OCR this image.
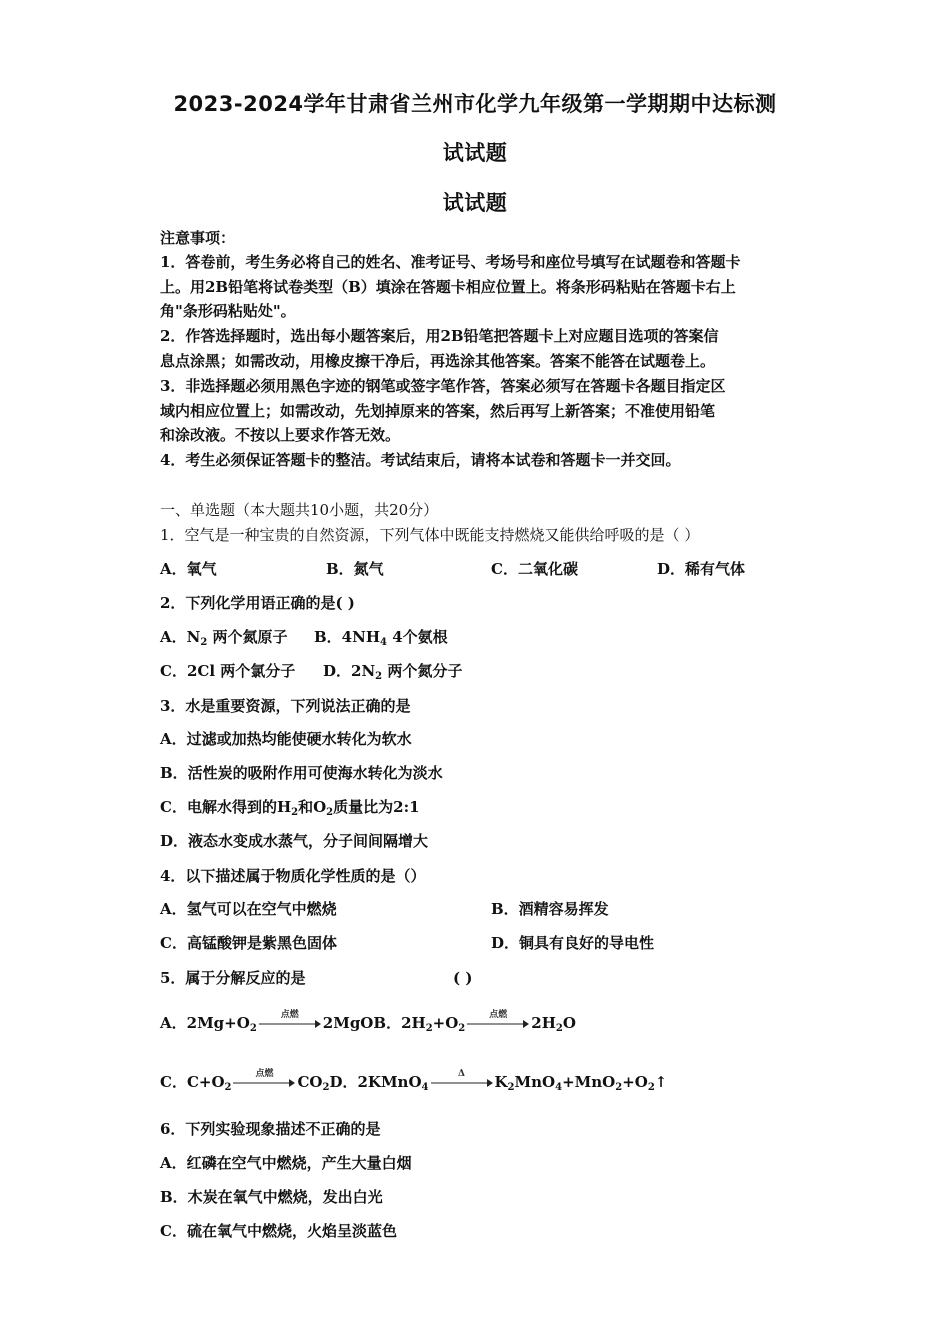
2023-2024学年甘肃省兰州市化学九年级第一学期期中达标测
试试题
试试题
注意事项：
1．答卷前，考生务必将自己的姓名、准考证号、考场号和座位号填写在试题卷和答题卡
上。用2B铅笔将试卷类型（B）填涂在答题卡相应位置上。将条形码粘贴在答题卡右上
角"条形码粘贴处"。
2．作答选择题时，选出每小题答案后，用2B铅笔把答题卡上对应题目选项的答案信
息点涂黑；如需改动，用橡皮擦干净后，再选涂其他答案。答案不能答在试题卷上。
3．非选择题必须用黑色字迹的钢笔或签字笔作答，答案必须写在答题卡各题目指定区
域内相应位置上；如需改动，先划掉原来的答案，然后再写上新答案；不准使用铅笔
和涂改液。不按以上要求作答无效。
4．考生必须保证答题卡的整洁。考试结束后，请将本试卷和答题卡一并交回。
一、单选题（本大题共10小题，共20分）
1．空气是一种宝贵的自然资源，下列气体中既能支持燃烧又能供给呼吸的是（ ）
A．氧气	B．氮气	C．二氧化碳	D．稀有气体
2．下列化学用语正确的是( )
A．$N_2$ 两个氮原子 B．$4NH_4$ 4个氨根
C．2Cl 两个氯分子 D．$2N_2$ 两个氮分子
3．水是重要资源，下列说法正确的是
A．过滤或加热均能使硬水转化为软水
B．活性炭的吸附作用可使海水转化为淡水
C．电解水得到的$H_2$和$O_2$质量比为2:1
D．液态水变成水蒸气，分子间间隔增大
4．以下描述属于物质化学性质的是（）
A．氢气可以在空气中燃烧	B．酒精容易挥发
C．高锰酸钾是紫黑色固体	D．铜具有良好的导电性
5．属于分解反应的是	( )
A．$2Mg+O_2$
点燃	2MgOB．$2H_2+O_2$
点燃	$2H_2O$
C．$C+O_2$
点燃	$CO_2D$．2KMnO$_4$
Δ	$K_2MnO_4+MnO_2+O_2↑$
6．下列实验现象描述不正确的是
A．红磷在空气中燃烧，产生大量白烟
B．木炭在氧气中燃烧，发出白光
C．硫在氧气中燃烧，火焰呈淡蓝色
